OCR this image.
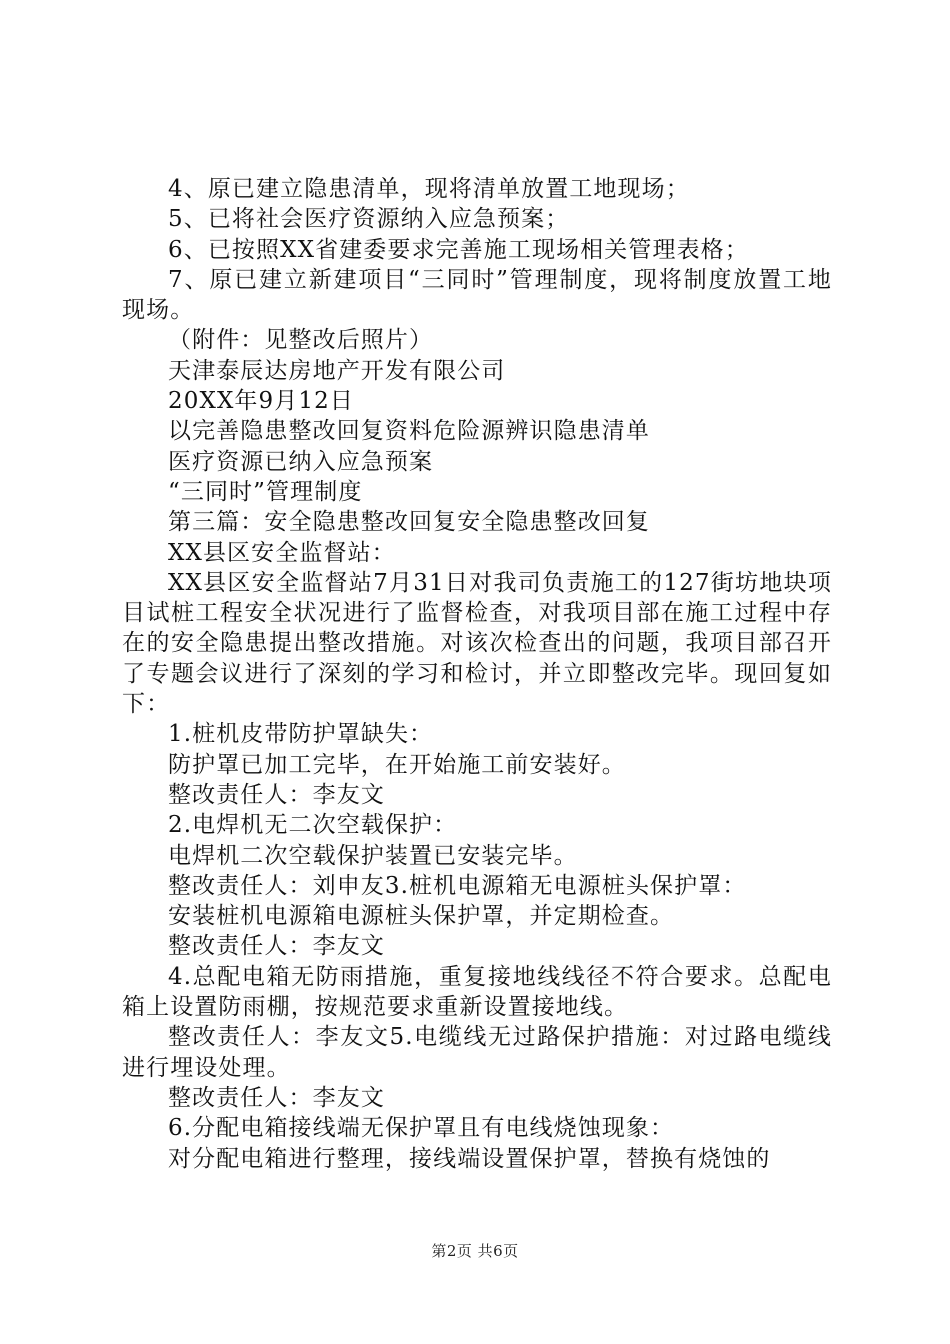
4、原已建立隐患清单，现将清单放置工地现场；

5、已将社会医疗资源纳入应急预案；

6、已按照XX省建委要求完善施工现场相关管理表格；

7、原已建立新建项目“三同时”管理制度，现将制度放置工地现场。

（附件：见整改后照片）

天津泰辰达房地产开发有限公司

20XX年9月12日

以完善隐患整改回复资料危险源辨识隐患清单

医疗资源已纳入应急预案

“三同时”管理制度

第三篇：安全隐患整改回复安全隐患整改回复

XX县区安全监督站：

XX县区安全监督站7月31日对我司负责施工的127街坊地块项目试桩工程安全状况进行了监督检查，对我项目部在施工过程中存在的安全隐患提出整改措施。对该次检查出的问题，我项目部召开了专题会议进行了深刻的学习和检讨，并立即整改完毕。现回复如下：

1.桩机皮带防护罩缺失：

防护罩已加工完毕，在开始施工前安装好。

整改责任人：李友文

2.电焊机无二次空载保护：

电焊机二次空载保护装置已安装完毕。

整改责任人：刘申友3.桩机电源箱无电源桩头保护罩：

安装桩机电源箱电源桩头保护罩，并定期检查。

整改责任人：李友文

4.总配电箱无防雨措施，重复接地线线径不符合要求。总配电箱上设置防雨棚，按规范要求重新设置接地线。

整改责任人：李友文5.电缆线无过路保护措施：对过路电缆线进行埋设处理。

整改责任人：李友文

6.分配电箱接线端无保护罩且有电线烧蚀现象：

对分配电箱进行整理，接线端设置保护罩，替换有烧蚀的

第2页 共6页
